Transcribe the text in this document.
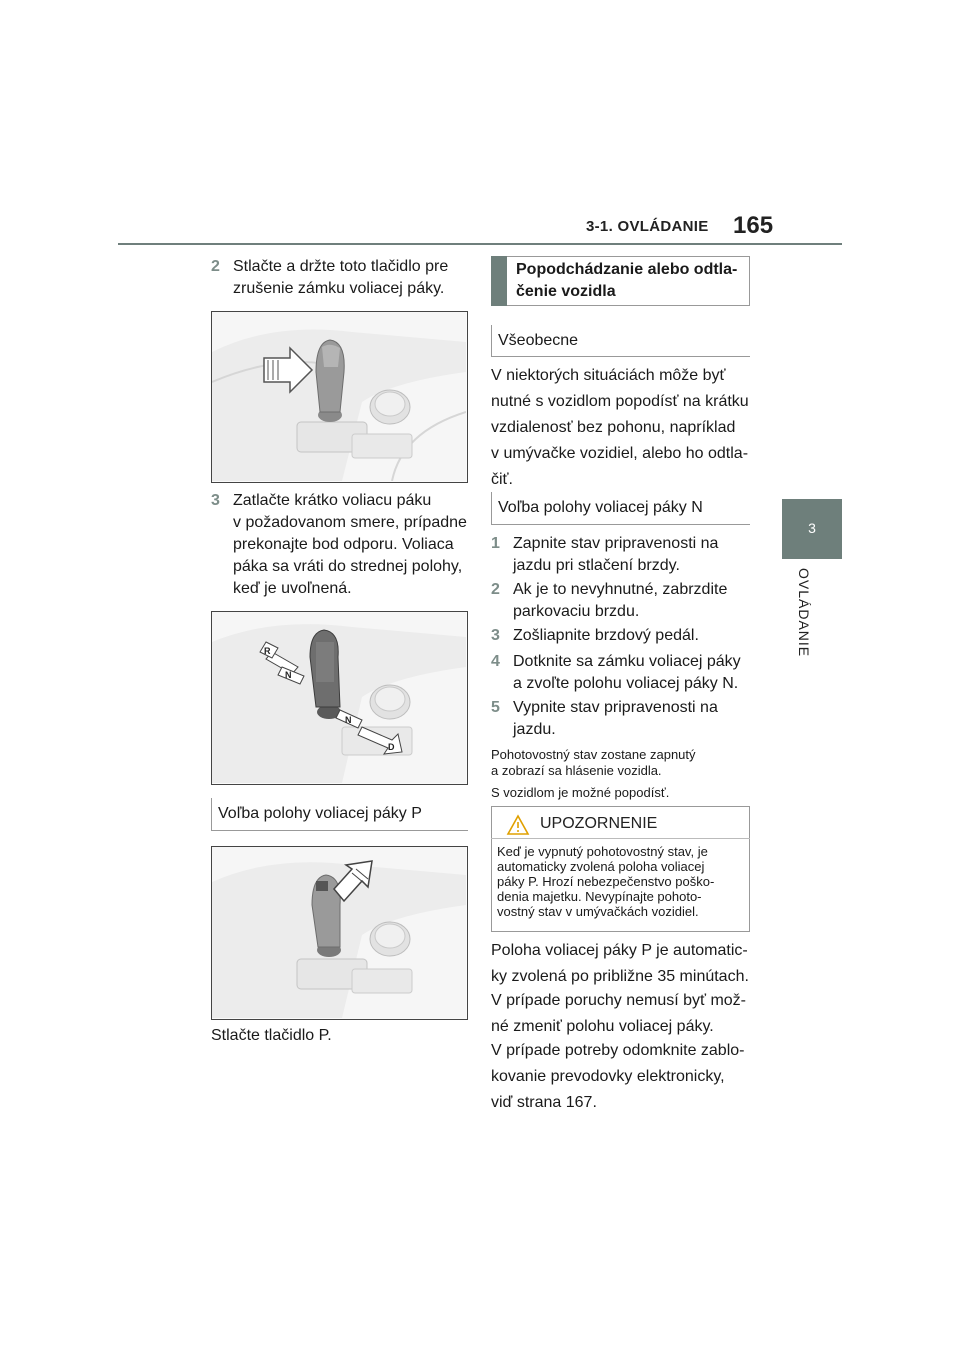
3-1. OVLÁDANIE 165
3
OVLÁDANIE
2 Stlačte a držte toto tlačidlo pre
zrušenie zámku voliacej páky.
3 Zatlačte krátko voliacu páku
v požadovanom smere, prípadne
prekonajte bod odporu. Voliaca
páka sa vráti do strednej polohy,
keď je uvoľnená.
R
N
N
D
Voľba polohy voliacej páky P
Stlačte tlačidlo P.
Popodchádzanie alebo odtla-
čenie vozidla
Všeobecne
V niektorých situáciách môže byť
nutné s vozidlom popodísť na krátku
vzdialenosť bez pohonu, napríklad
v umývačke vozidiel, alebo ho odtla-
čiť.
Voľba polohy voliacej páky N
1 Zapnite stav pripravenosti na
jazdu pri stlačení brzdy.
2 Ak je to nevyhnutné, zabrzdite
parkovaciu brzdu.
3 Zošliapnite brzdový pedál.
4 Dotknite sa zámku voliacej páky
a zvoľte polohu voliacej páky N.
5 Vypnite stav pripravenosti na
jazdu.
Pohotovostný stav zostane zapnutý
a zobrazí sa hlásenie vozidla.
S vozidlom je možné popodísť.
UPOZORNENIE
Keď je vypnutý pohotovostný stav, je
automaticky zvolená poloha voliacej
páky P. Hrozí nebezpečenstvo poško-
denia majetku. Nevypínajte pohoto-
vostný stav v umývačkách vozidiel.
Poloha voliacej páky P je automatic-
ky zvolená po približne 35 minútach.
V prípade poruchy nemusí byť mož-
né zmeniť polohu voliacej páky.
V prípade potreby odomknite zablo-
kovanie prevodovky elektronicky,
viď strana 167.
